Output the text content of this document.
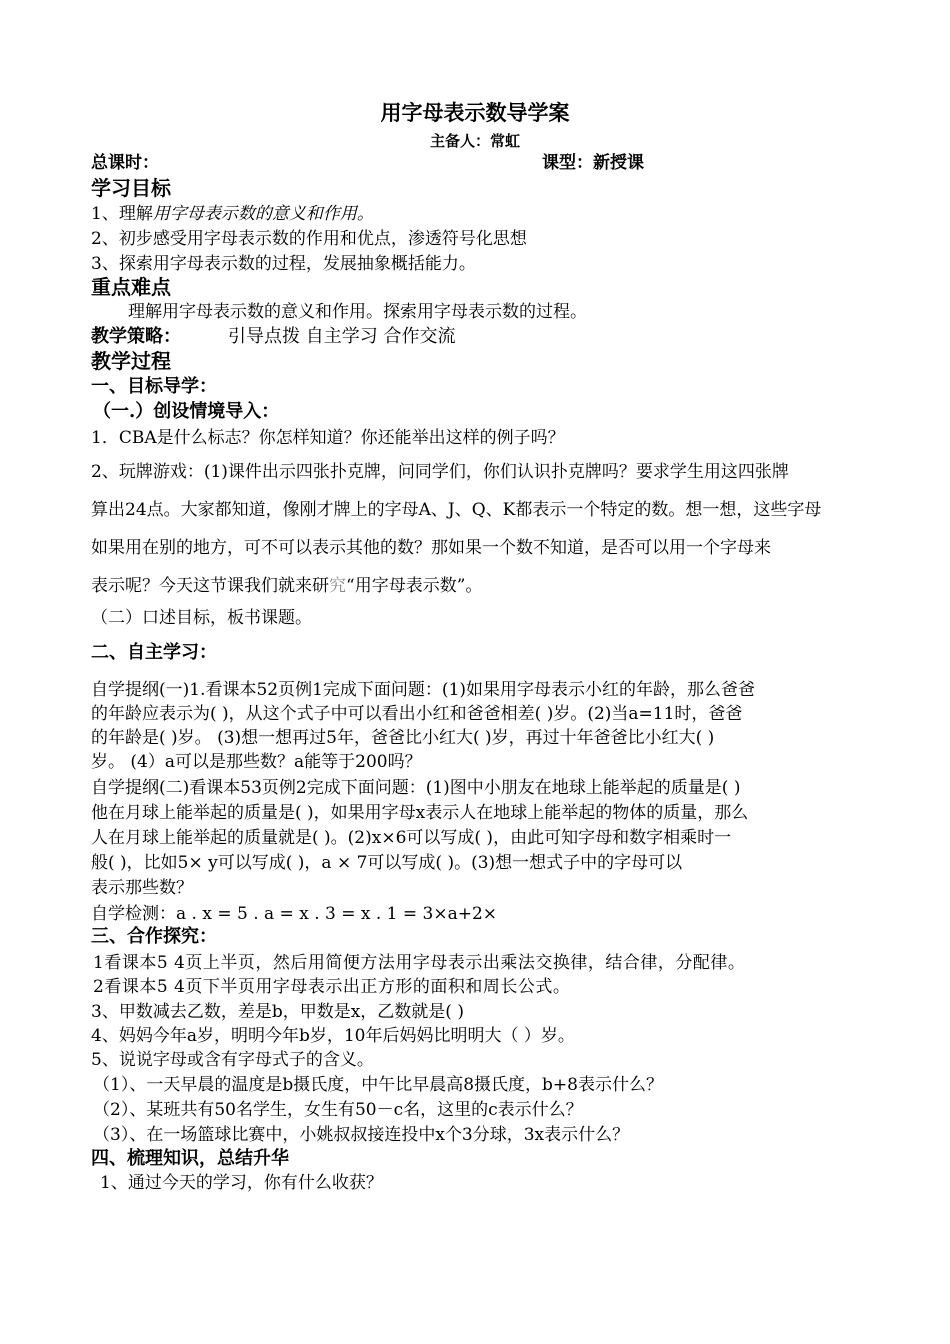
用字母表示数导学案
主备人：常虹
总课时：	课型：新授课
学习目标
1、理解用字母表示数的意义和作用。
2、初步感受用字母表示数的作用和优点，渗透符号化思想
3、探索用字母表示数的过程，发展抽象概括能力。
重点难点
理解用字母表示数的意义和作用。探索用字母表示数的过程。
教学策略：	引导点拨 自主学习 合作交流
教学过程
一、目标导学：
（一.）创设情境导入：
1．CBA是什么标志？你怎样知道？你还能举出这样的例子吗？
2、玩牌游戏：(1)课件出示四张扑克牌，问同学们，你们认识扑克牌吗？要求学生用这四张牌
算出24点。大家都知道，像刚才牌上的字母A、J、Q、K都表示一个特定的数。想一想，这些字母
如果用在别的地方，可不可以表示其他的数？那如果一个数不知道，是否可以用一个字母来
表示呢？今天这节课我们就来研究“用字母表示数”。
（二）口述目标，板书课题。
二、自主学习：
自学提纲(一)1.看课本52页例1完成下面问题：(1)如果用字母表示小红的年龄，那么爸爸
的年龄应表示为( )，从这个式子中可以看出小红和爸爸相差( )岁。(2)当a=11时，爸爸
的年龄是( )岁。 (3)想一想再过5年，爸爸比小红大( )岁，再过十年爸爸比小红大( )
岁。 (4）a可以是那些数？a能等于200吗？
自学提纲(二)看课本53页例2完成下面问题：(1)图中小朋友在地球上能举起的质量是( )
他在月球上能举起的质量是( )，如果用字母x表示人在地球上能举起的物体的质量，那么
人在月球上能举起的质量就是( )。(2)x×6可以写成( )，由此可知字母和数字相乘时一
般( )，比如5× y可以写成( )，a × 7可以写成( )。(3)想一想式子中的字母可以
表示那些数？
自学检测：a . x = 5 . a = x . 3 = x . 1 = 3×a+2×
三、合作探究：
1看课本5 4页上半页，然后用简便方法用字母表示出乘法交换律，结合律，分配律。
2看课本5 4页下半页用字母表示出正方形的面积和周长公式。
3、甲数减去乙数，差是b，甲数是x，乙数就是( )
4、妈妈今年a岁，明明今年b岁，10年后妈妈比明明大（ ）岁。
5、说说字母或含有字母式子的含义。
（1）、一天早晨的温度是b摄氏度，中午比早晨高8摄氏度，b+8表示什么？
（2）、某班共有50名学生，女生有50－c名，这里的c表示什么？
（3）、在一场篮球比赛中，小姚叔叔接连投中x个3分球，3x表示什么？
四、梳理知识，总结升华
1、通过今天的学习，你有什么收获？
